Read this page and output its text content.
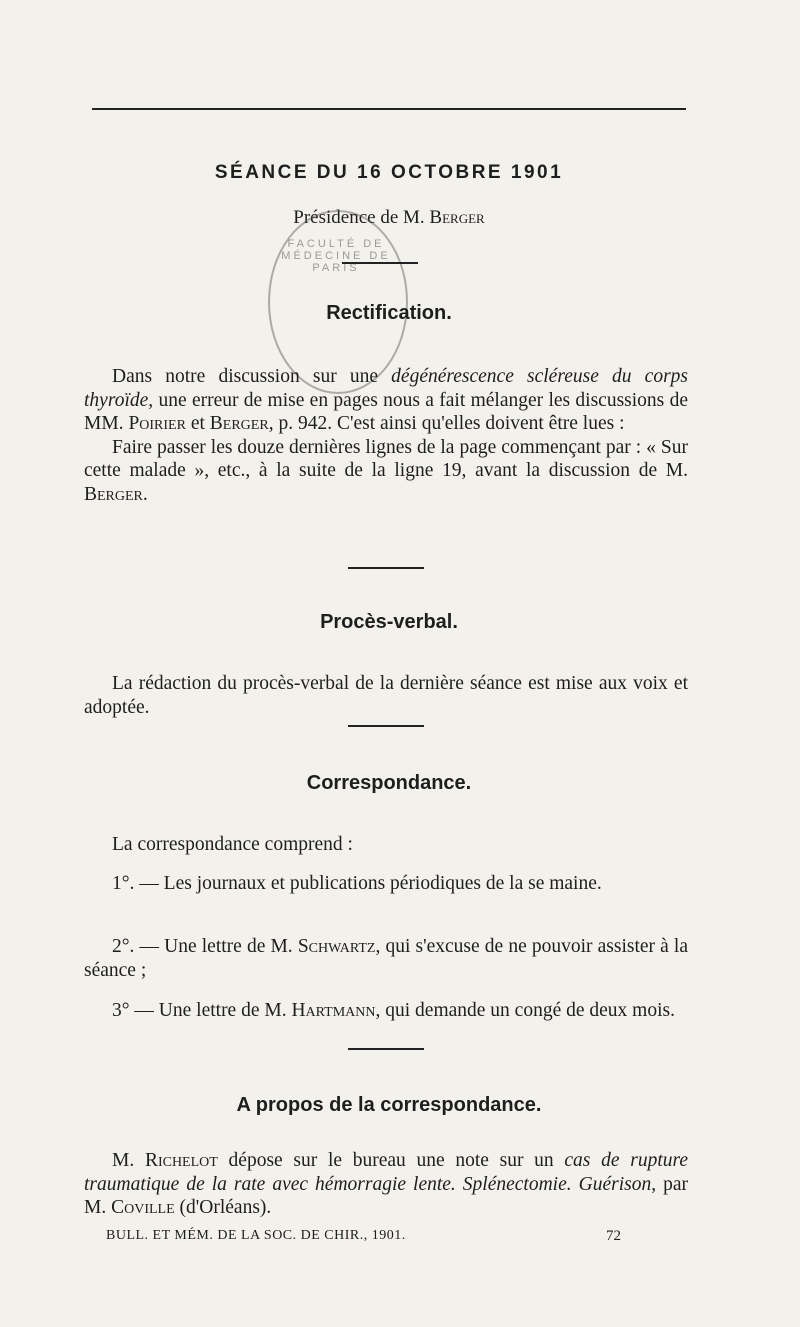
SÉANCE DU 16 OCTOBRE 1901
Présidence de M. Berger
FACULTÉ DE MÉDECINE DE PARIS
Rectification.
Dans notre discussion sur une dégénérescence scléreuse du corps thyroïde, une erreur de mise en pages nous a fait mélanger les discussions de MM. Poirier et Berger, p. 942. C'est ainsi qu'elles doivent être lues :
Faire passer les douze dernières lignes de la page commençant par : « Sur cette malade », etc., à la suite de la ligne 19, avant la discussion de M. Berger.
Procès-verbal.
La rédaction du procès-verbal de la dernière séance est mise aux voix et adoptée.
Correspondance.
La correspondance comprend :
1°. — Les journaux et publications périodiques de la se maine.
2°. — Une lettre de M. Schwartz, qui s'excuse de ne pouvoir assister à la séance ;
3° — Une lettre de M. Hartmann, qui demande un congé de deux mois.
A propos de la correspondance.
M. Richelot dépose sur le bureau une note sur un cas de rupture traumatique de la rate avec hémorragie lente. Splénectomie. Guérison, par M. Coville (d'Orléans).
BULL. ET MÉM. DE LA SOC. DE CHIR., 1901.	72
